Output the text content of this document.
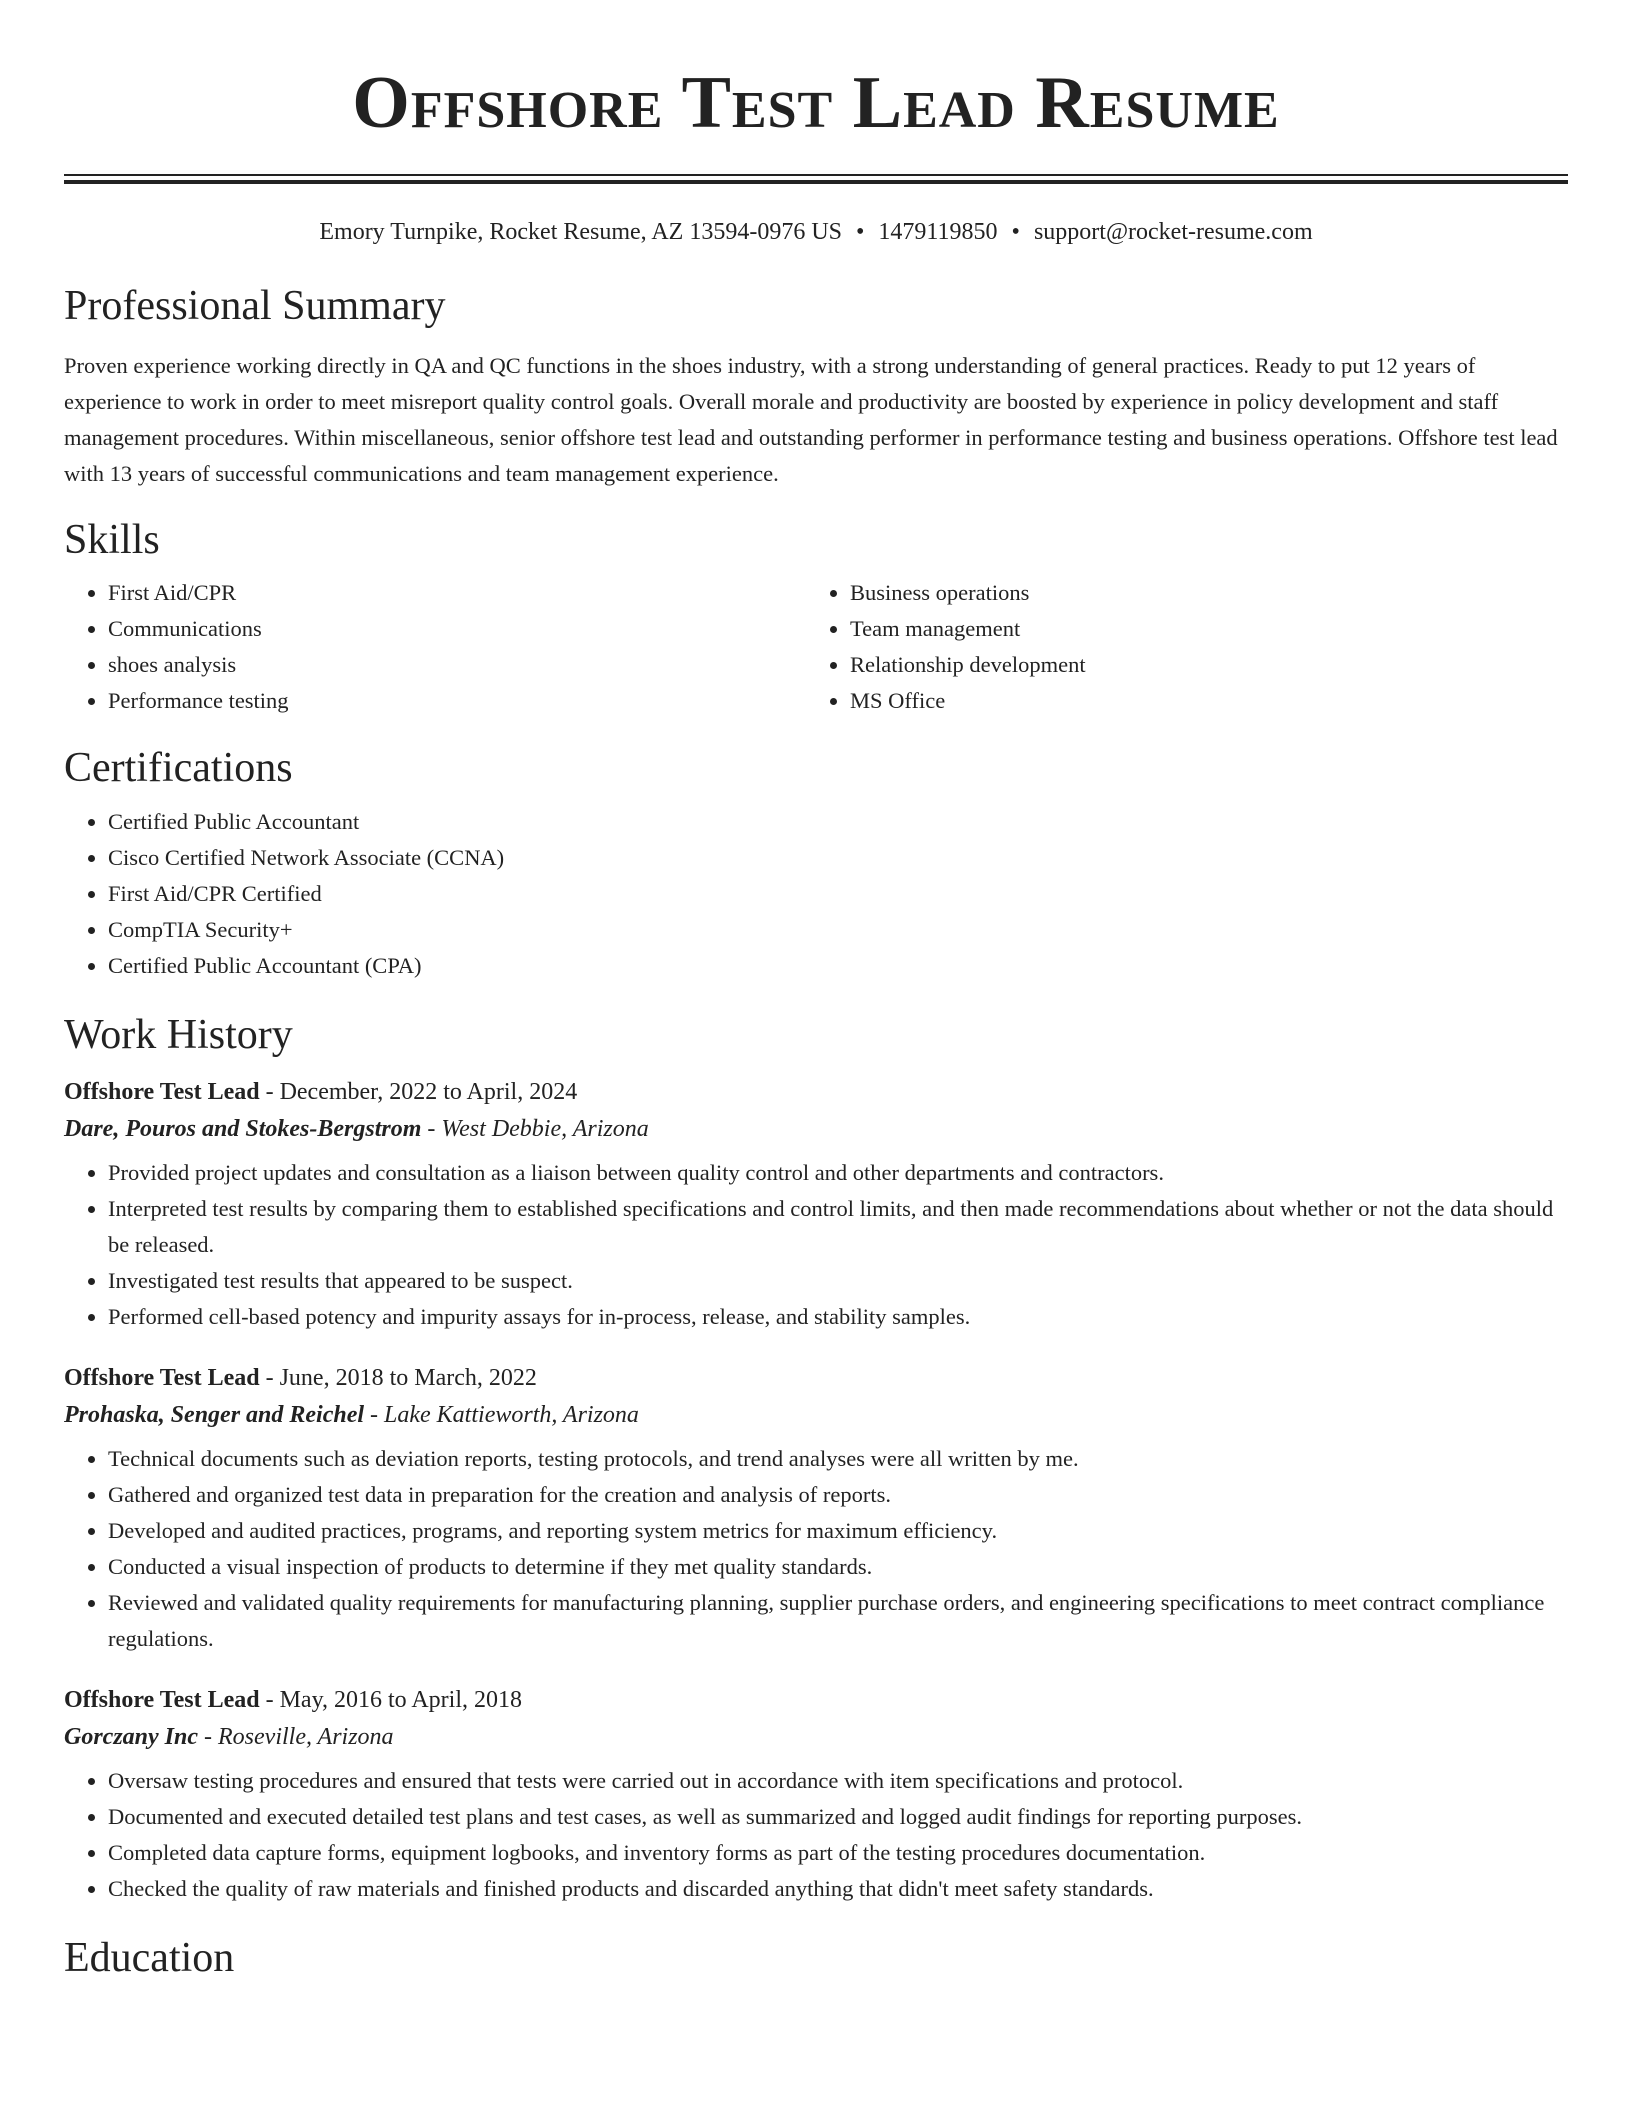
Offshore Test Lead Resume
Emory Turnpike, Rocket Resume, AZ 13594-0976 US • 1479119850 • support@rocket-resume.com
Professional Summary

Proven experience working directly in QA and QC functions in the shoes industry, with a strong understanding of general practices. Ready to put 12 years of experience to work in order to meet misreport quality control goals. Overall morale and productivity are boosted by experience in policy development and staff management procedures. Within miscellaneous, senior offshore test lead and outstanding performer in performance testing and business operations. Offshore test lead with 13 years of successful communications and team management experience.

Skills
• First Aid/CPR
• Communications
• shoes analysis
• Performance testing
• Business operations
• Team management
• Relationship development
• MS Office
Certifications
• Certified Public Accountant
• Cisco Certified Network Associate (CCNA)
• First Aid/CPR Certified
• CompTIA Security+
• Certified Public Accountant (CPA)
Work History
Offshore Test Lead - December, 2022 to April, 2024
Dare, Pouros and Stokes-Bergstrom - West Debbie, Arizona
• Provided project updates and consultation as a liaison between quality control and other departments and contractors.
• Interpreted test results by comparing them to established specifications and control limits, and then made recommendations about whether or not the data should be released.
• Investigated test results that appeared to be suspect.
• Performed cell-based potency and impurity assays for in-process, release, and stability samples.
Offshore Test Lead - June, 2018 to March, 2022
Prohaska, Senger and Reichel - Lake Kattieworth, Arizona
• Technical documents such as deviation reports, testing protocols, and trend analyses were all written by me.
• Gathered and organized test data in preparation for the creation and analysis of reports.
• Developed and audited practices, programs, and reporting system metrics for maximum efficiency.
• Conducted a visual inspection of products to determine if they met quality standards.
• Reviewed and validated quality requirements for manufacturing planning, supplier purchase orders, and engineering specifications to meet contract compliance regulations.
Offshore Test Lead - May, 2016 to April, 2018
Gorczany Inc - Roseville, Arizona
• Oversaw testing procedures and ensured that tests were carried out in accordance with item specifications and protocol.
• Documented and executed detailed test plans and test cases, as well as summarized and logged audit findings for reporting purposes.
• Completed data capture forms, equipment logbooks, and inventory forms as part of the testing procedures documentation.
• Checked the quality of raw materials and finished products and discarded anything that didn't meet safety standards.
Education
